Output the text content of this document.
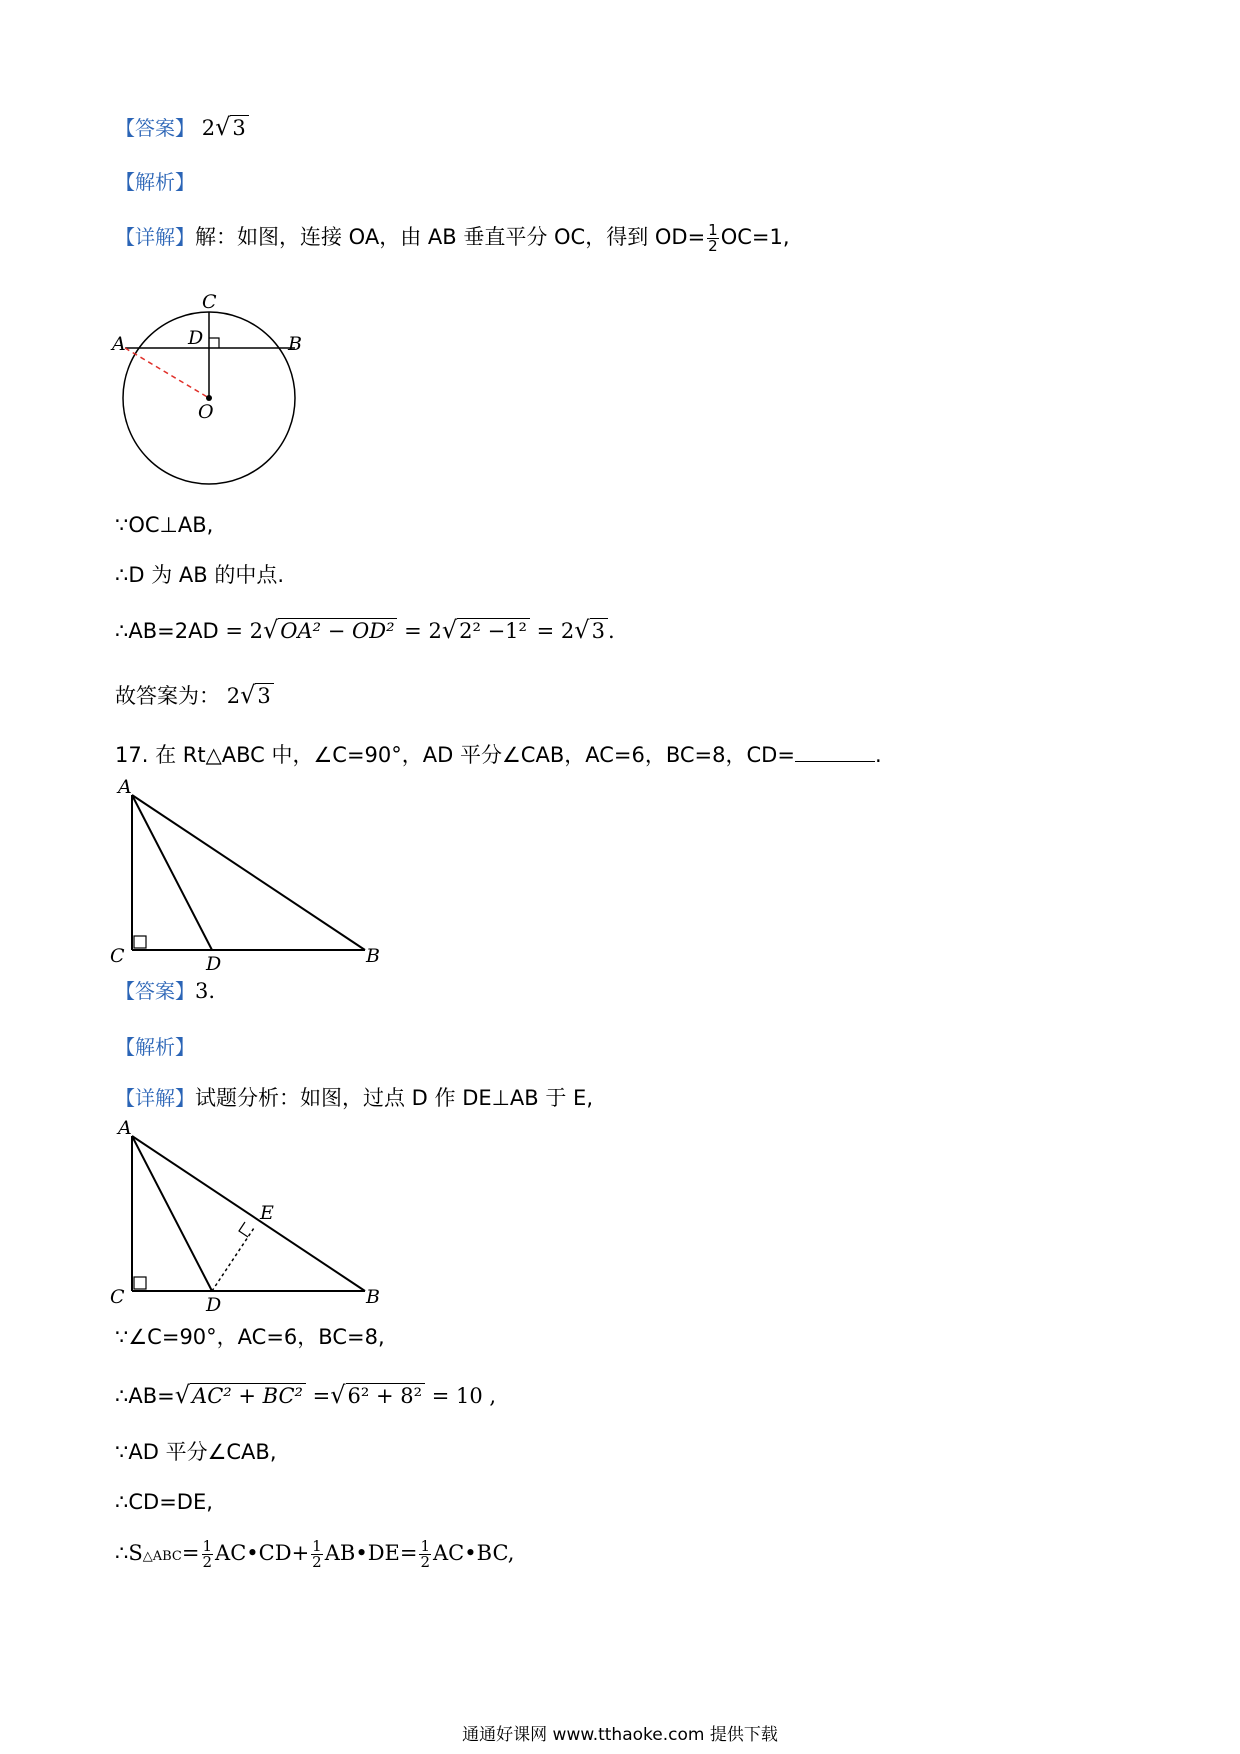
【答案】 2√3
【解析】
【详解】解：如图，连接 OA，由 AB 垂直平分 OC，得到 $OD= \frac{1}{2} OC=1$,
C
D
A	B
O
∵OC⊥AB,
∴D 为 AB 的中点.
∴AB=2AD = 2√OA² − OD² = 2√2² −1² = 2√3 .
故答案为： 2√3
17. 在 Rt△ABC 中，∠C=90°，AD 平分∠CAB，AC=6，BC=8，CD=	.
A
C	D	B
【答案】3.
【解析】
【详解】试题分析：如图，过点 D 作 DE⊥AB 于 E,
A
C	D	B
E
∵∠C=90°，AC=6，BC=8,
∴AB=√AC² + BC² =√6² + 8² = 10 ,
∵AD 平分∠CAB,
∴CD=DE,
∴S△ABC= $\frac{1}{2}$ AC•CD+ $\frac{1}{2}$ AB•DE= $\frac{1}{2}$ AC•BC,
通通好课网 www.tthaoke.com 提供下载
